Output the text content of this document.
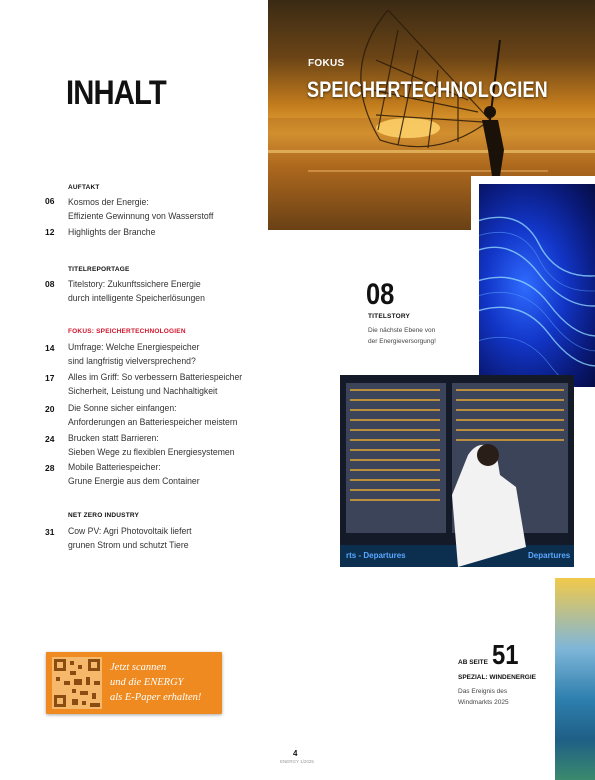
INHALT
FOKUS
SPEICHERTECHNOLOGIEN
08
TITELSTORY
Die nächste Ebene von
der Energieversorgung!
rts - Departures	Departures
AUFTAKT
06 Kosmos der Energie:
Effiziente Gewinnung von Wasserstoff
12 Highlights der Branche
TITELREPORTAGE
08 Titelstory: Zukunftssichere Energie
durch intelligente Speicherlösungen
FOKUS: SPEICHERTECHNOLOGIEN
14 Umfrage: Welche Energiespeicher
sind langfristig vielversprechend?
17 Alles im Griff: So verbessern Batteriespeicher
Sicherheit, Leistung und Nachhaltigkeit
20 Die Sonne sicher einfangen:
Anforderungen an Batteriespeicher meistern
24 Brucken statt Barrieren:
Sieben Wege zu flexiblen Energiesystemen
28 Mobile Batteriespeicher:
Grune Energie aus dem Container
NET ZERO INDUSTRY
31 Cow PV: Agri Photovoltaik liefert
grunen Strom und schutzt Tiere
Jetzt scannen
und die ENERGY
als E-Paper erhalten!
AB SEITE 51
SPEZIAL: WINDENERGIE
Das Ereignis des
Windmarkts 2025
4
ENERGY 1/2025
